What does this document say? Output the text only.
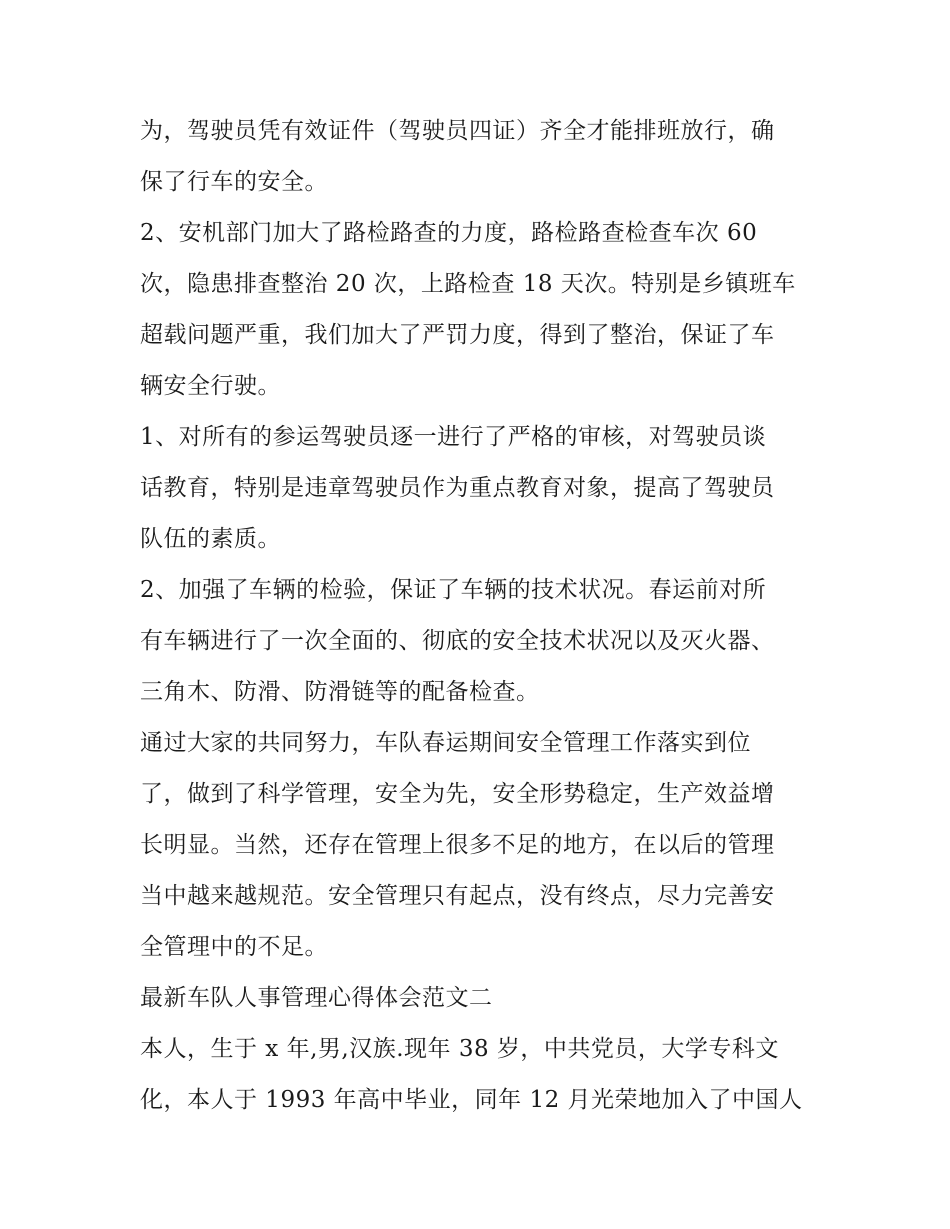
为，驾驶员凭有效证件（驾驶员四证）齐全才能排班放行，确
保了行车的安全。
2、安机部门加大了路检路查的力度，路检路查检查车次 60
次，隐患排查整治 20 次，上路检查 18 天次。特别是乡镇班车
超载问题严重，我们加大了严罚力度，得到了整治，保证了车
辆安全行驶。
1、对所有的参运驾驶员逐一进行了严格的审核，对驾驶员谈
话教育，特别是违章驾驶员作为重点教育对象，提高了驾驶员
队伍的素质。
2、加强了车辆的检验，保证了车辆的技术状况。春运前对所
有车辆进行了一次全面的、彻底的安全技术状况以及灭火器、
三角木、防滑、防滑链等的配备检查。
通过大家的共同努力，车队春运期间安全管理工作落实到位
了，做到了科学管理，安全为先，安全形势稳定，生产效益增
长明显。当然，还存在管理上很多不足的地方，在以后的管理
当中越来越规范。安全管理只有起点，没有终点，尽力完善安
全管理中的不足。
最新车队人事管理心得体会范文二
本人，生于 x 年,男,汉族.现年 38 岁，中共党员，大学专科文
化，本人于 1993 年高中毕业，同年 12 月光荣地加入了中国人
